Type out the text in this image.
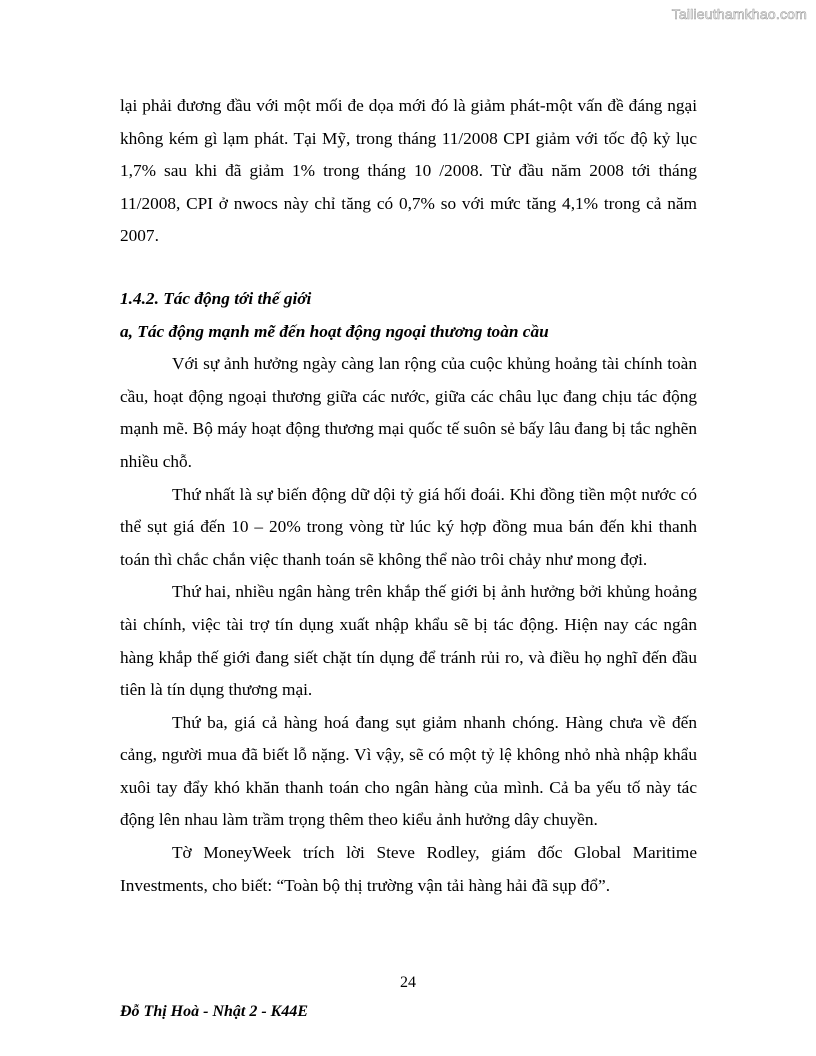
Tailieuthamkhao.com

lại phải đương đầu với một mối đe dọa mới đó là giảm phát-một vấn đề đáng ngại không kém gì lạm phát. Tại Mỹ, trong tháng 11/2008 CPI giảm với tốc độ kỷ lục 1,7% sau khi đã giảm 1% trong tháng 10 /2008. Từ đầu năm 2008 tới tháng 11/2008, CPI ở nwocs này chỉ tăng có 0,7% so với mức tăng 4,1% trong cả năm 2007.

1.4.2. Tác động tới thế giới

a, Tác động mạnh mẽ đến hoạt động ngoại thương toàn cầu

Với sự ảnh hưởng ngày càng lan rộng của cuộc khủng hoảng tài chính toàn cầu, hoạt động ngoại thương giữa các nước, giữa các châu lục đang chịu tác động mạnh mẽ. Bộ máy hoạt động thương mại quốc tế suôn sẻ bấy lâu đang bị tắc nghẽn nhiều chỗ.

Thứ nhất là sự biến động dữ dội tỷ giá hối đoái. Khi đồng tiền một nước có thể sụt giá đến 10 – 20% trong vòng từ lúc ký hợp đồng mua bán đến khi thanh toán thì chắc chắn việc thanh toán sẽ không thể nào trôi chảy như mong đợi.

Thứ hai, nhiều ngân hàng trên khắp thế giới bị ảnh hưởng bởi khủng hoảng tài chính, việc tài trợ tín dụng xuất nhập khẩu sẽ bị tác động. Hiện nay các ngân hàng khắp thế giới đang siết chặt tín dụng để tránh rủi ro, và điều họ nghĩ đến đầu tiên là tín dụng thương mại.

Thứ ba, giá cả hàng hoá đang sụt giảm nhanh chóng. Hàng chưa về đến cảng, người mua đã biết lỗ nặng. Vì vậy, sẽ có một tỷ lệ không nhỏ nhà nhập khẩu xuôi tay đẩy khó khăn thanh toán cho ngân hàng của mình. Cả ba yếu tố này tác động lên nhau làm trầm trọng thêm theo kiểu ảnh hưởng dây chuyền.

Tờ MoneyWeek trích lời Steve Rodley, giám đốc Global Maritime Investments, cho biết: “Toàn bộ thị trường vận tải hàng hải đã sụp đổ”.

24
Đỗ Thị Hoà - Nhật 2 - K44E
